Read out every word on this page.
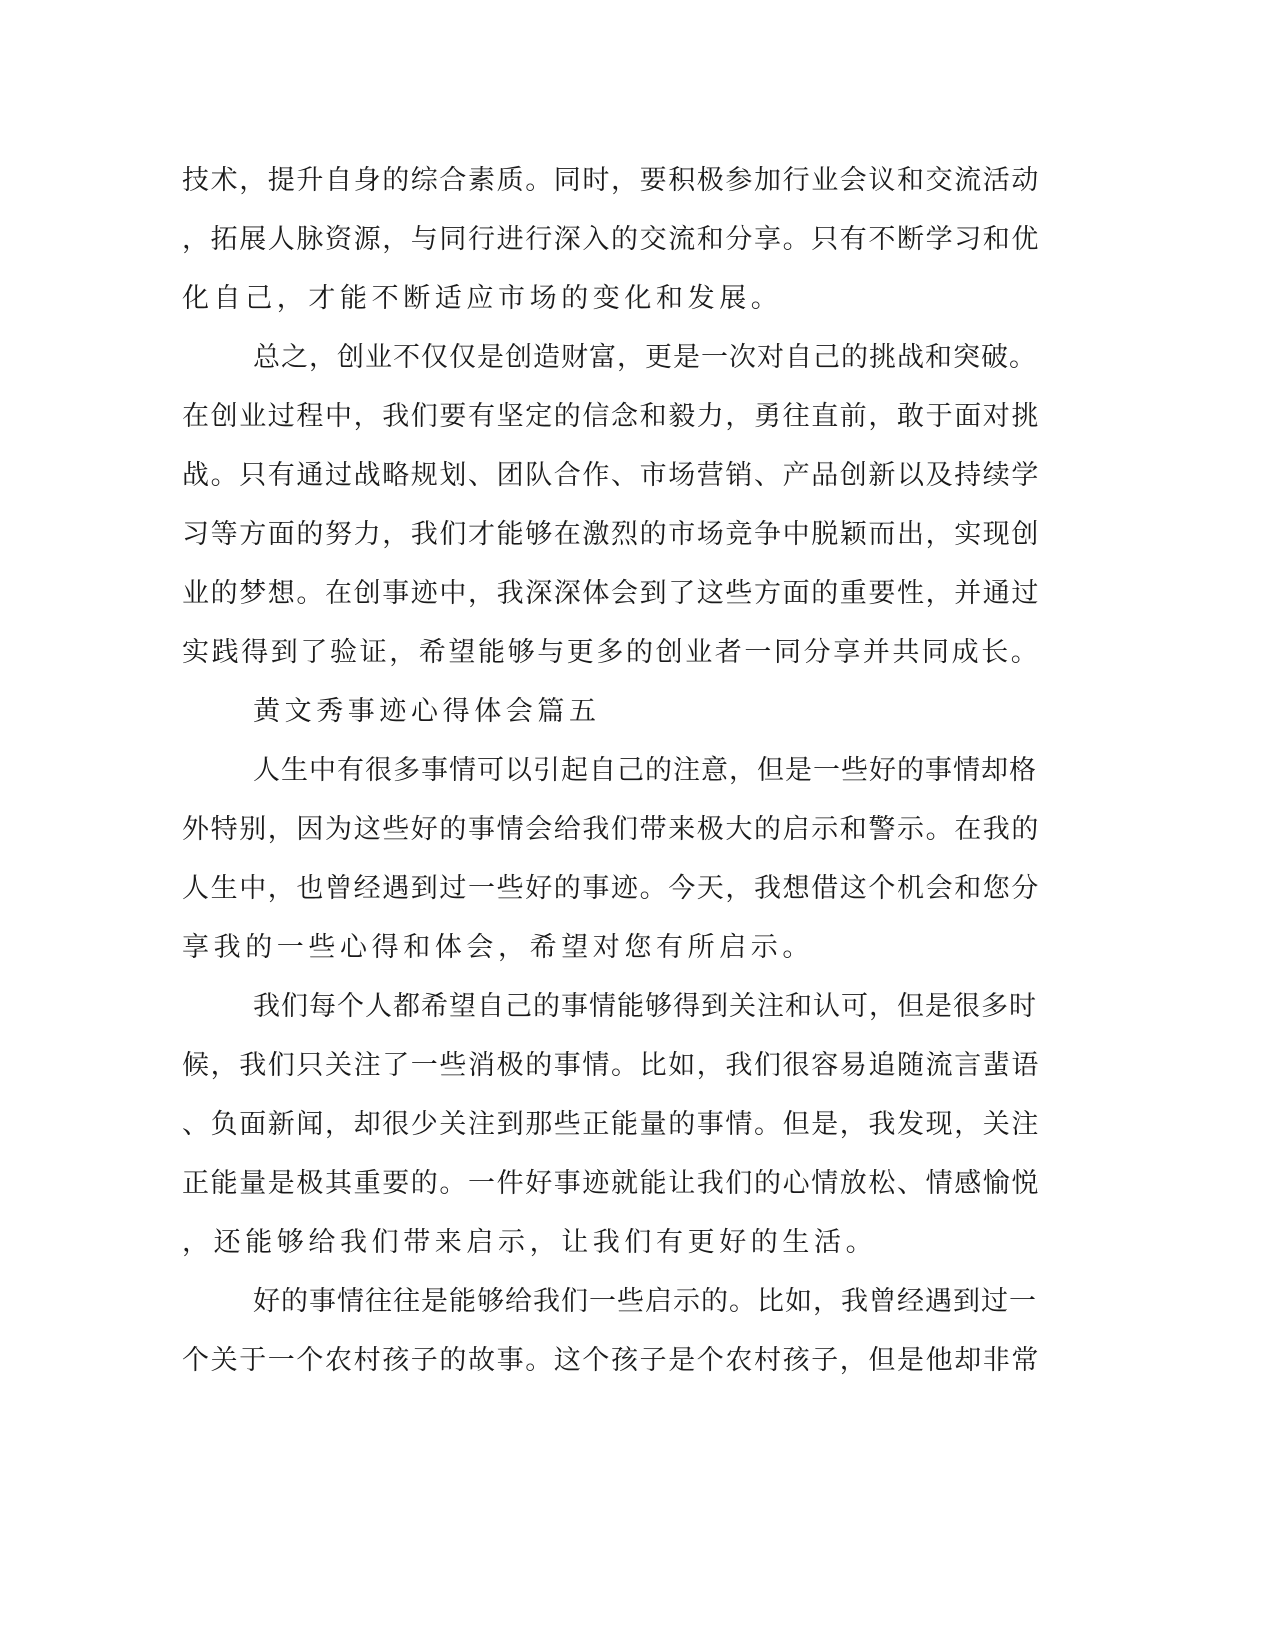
技术，提升自身的综合素质。同时，要积极参加行业会议和交流活动

，拓展人脉资源，与同行进行深入的交流和分享。只有不断学习和优

化自己，才能不断适应市场的变化和发展。

总之，创业不仅仅是创造财富，更是一次对自己的挑战和突破。

在创业过程中，我们要有坚定的信念和毅力，勇往直前，敢于面对挑

战。只有通过战略规划、团队合作、市场营销、产品创新以及持续学

习等方面的努力，我们才能够在激烈的市场竞争中脱颖而出，实现创

业的梦想。在创事迹中，我深深体会到了这些方面的重要性，并通过

实践得到了验证，希望能够与更多的创业者一同分享并共同成长。

黄文秀事迹心得体会篇五

人生中有很多事情可以引起自己的注意，但是一些好的事情却格

外特别，因为这些好的事情会给我们带来极大的启示和警示。在我的

人生中，也曾经遇到过一些好的事迹。今天，我想借这个机会和您分

享我的一些心得和体会，希望对您有所启示。

我们每个人都希望自己的事情能够得到关注和认可，但是很多时

候，我们只关注了一些消极的事情。比如，我们很容易追随流言蜚语

、负面新闻，却很少关注到那些正能量的事情。但是，我发现，关注

正能量是极其重要的。一件好事迹就能让我们的心情放松、情感愉悦

，还能够给我们带来启示，让我们有更好的生活。

好的事情往往是能够给我们一些启示的。比如，我曾经遇到过一

个关于一个农村孩子的故事。这个孩子是个农村孩子，但是他却非常
